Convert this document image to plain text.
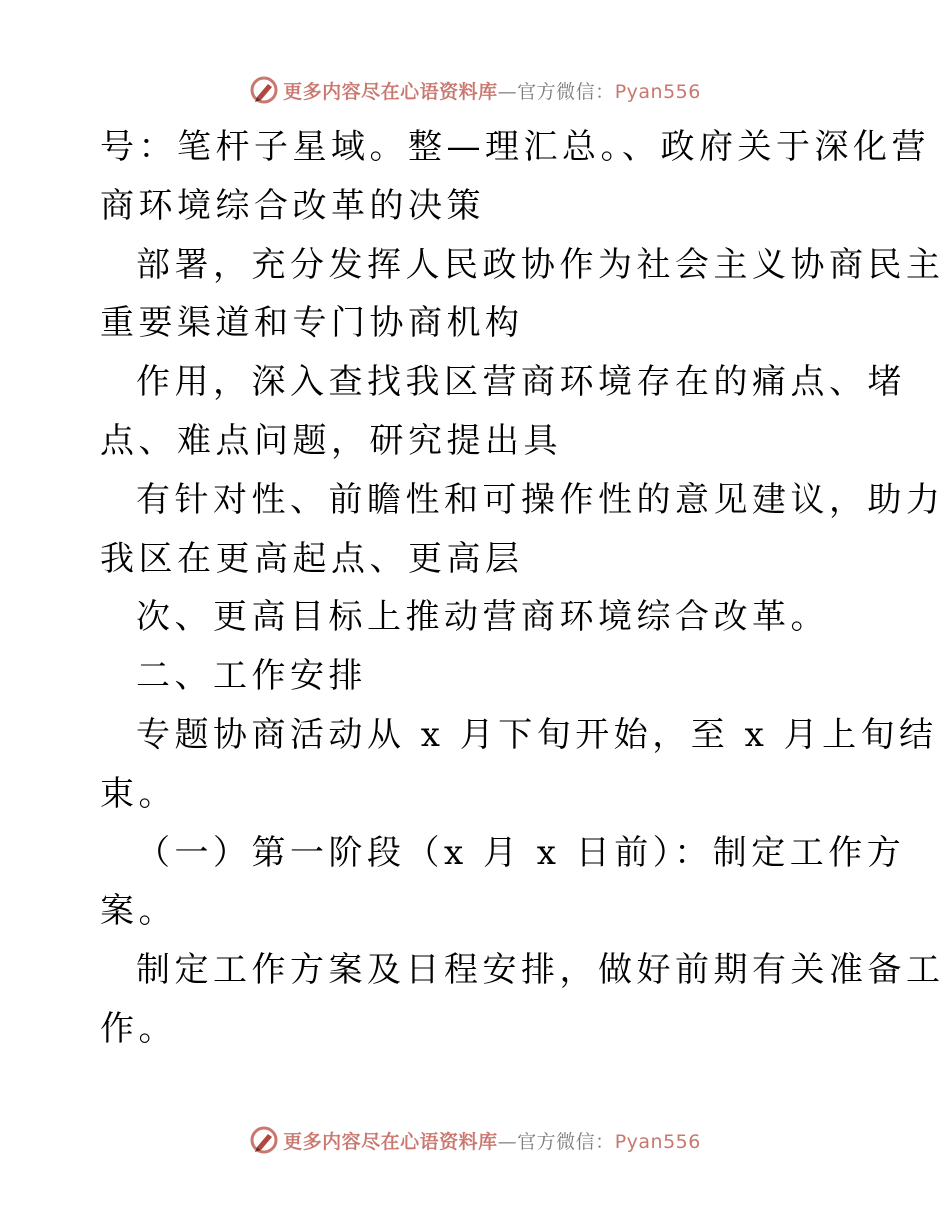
更多内容尽在心语资料库—官方微信：Pyan556
号：笔杆子星域。整—理汇总。、政府关于深化营
商环境综合改革的决策
部署，充分发挥人民政协作为社会主义协商民主
重要渠道和专门协商机构
作用，深入查找我区营商环境存在的痛点、堵
点、难点问题，研究提出具
有针对性、前瞻性和可操作性的意见建议，助力
我区在更高起点、更高层
次、更高目标上推动营商环境综合改革。
二、工作安排
专题协商活动从 x 月下旬开始，至 x 月上旬结
束。
（一）第一阶段（x 月 x 日前）：制定工作方
案。
制定工作方案及日程安排，做好前期有关准备工
作。
更多内容尽在心语资料库—官方微信：Pyan556
